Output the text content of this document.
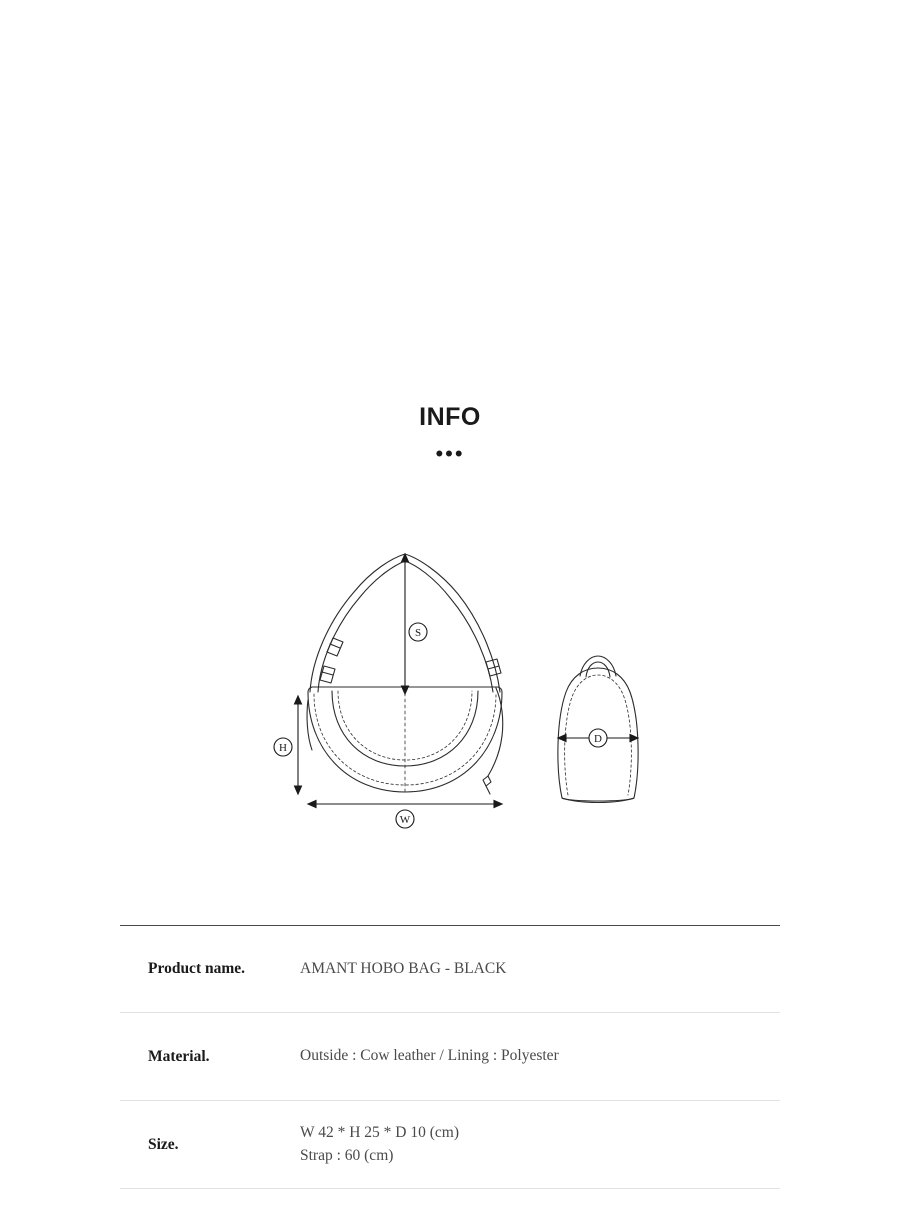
INFO
•••
S
H
W
D
Product name.	AMANT HOBO BAG - BLACK
Material.	Outside : Cow leather / Lining : Polyester
Size.
W 42 * H 25 * D 10 (cm)
Strap : 60 (cm)
